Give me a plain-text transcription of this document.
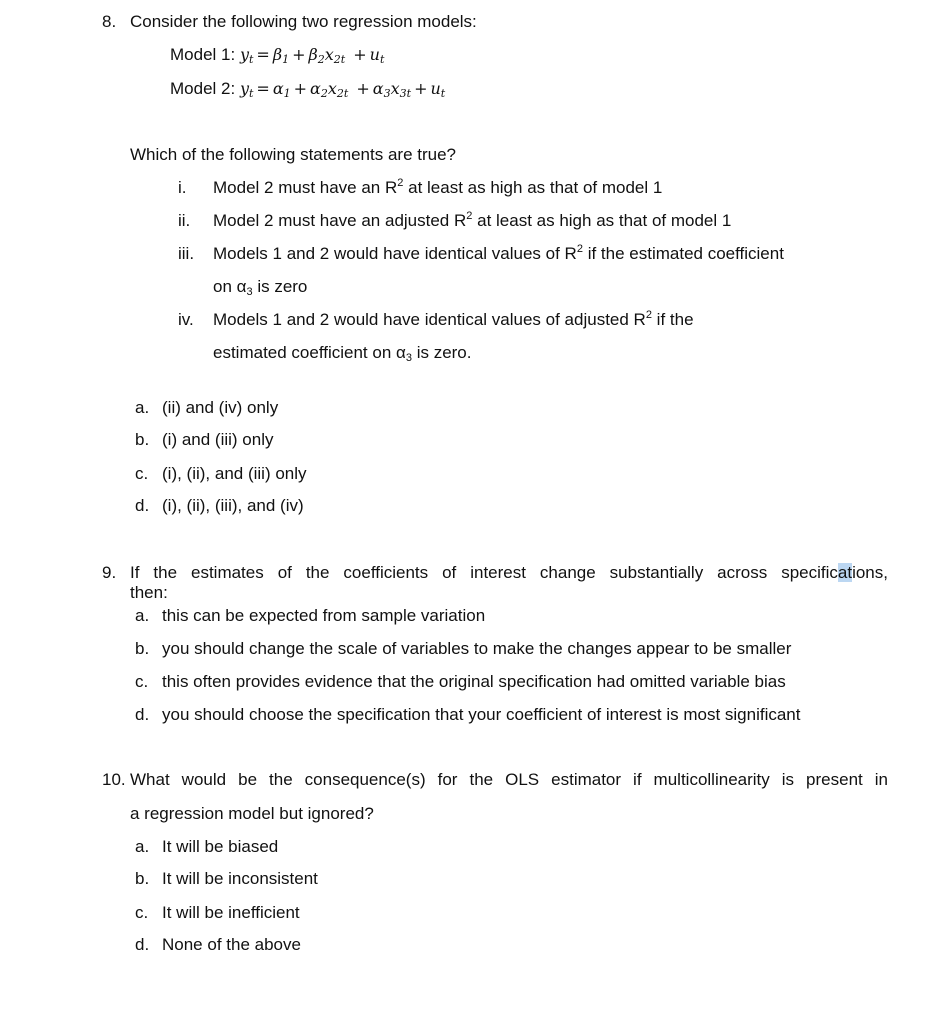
8. Consider the following two regression models:
Model 1: $y_t = \beta_1 + \beta_2x_{2t} + u_t$
Model 2: $y_t = \alpha_1 + \alpha_2x_{2t} + \alpha_3x_{3t} + u_t$
Which of the following statements are true?
i. Model 2 must have an $R^2$ at least as high as that of model 1
ii. Model 2 must have an adjusted $R^2$ at least as high as that of model 1
iii. Models 1 and 2 would have identical values of $R^2$ if the estimated coefficient
on $\alpha_3$ is zero
iv. Models 1 and 2 would have identical values of adjusted $R^2$ if the
estimated coefficient on $\alpha_3$ is zero.
a. (ii) and (iv) only
b. (i) and (iii) only
c. (i), (ii), and (iii) only
d. (i), (ii), (iii), and (iv)
9. If the estimates of the coefficients of interest change substantially across specifications,
then:
a. this can be expected from sample variation
b. you should change the scale of variables to make the changes appear to be smaller
c. this often provides evidence that the original specification had omitted variable bias
d. you should choose the specification that your coefficient of interest is most significant
10. What would be the consequence(s) for the OLS estimator if multicollinearity is present in
a regression model but ignored?
a. It will be biased
b. It will be inconsistent
c. It will be inefficient
d. None of the above
